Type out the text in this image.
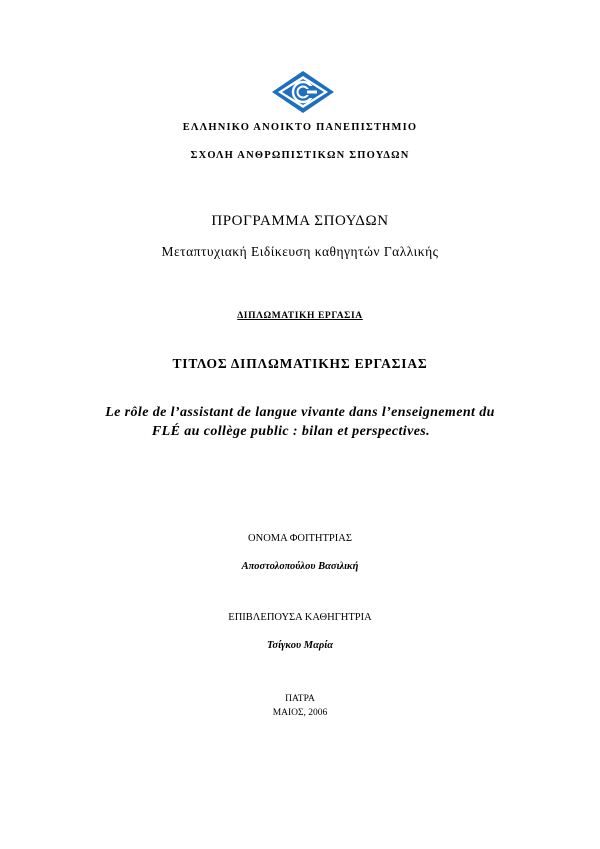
ΕΛΛΗΝΙΚΟ ΑΝΟΙΚΤΟ ΠΑΝΕΠΙΣΤΗΜΙΟ
ΣΧΟΛΗ ΑΝΘΡΩΠΙΣΤΙΚΩΝ ΣΠΟΥΔΩΝ
ΠΡΟΓΡΑΜΜΑ ΣΠΟΥΔΩΝ
Μεταπτυχιακή Ειδίκευση καθηγητών Γαλλικής
ΔΙΠΛΩΜΑΤΙΚΗ ΕΡΓΑΣΙΑ
ΤΙΤΛΟΣ ΔΙΠΛΩΜΑΤΙΚΗΣ ΕΡΓΑΣΙΑΣ
Le rôle de l’assistant de langue vivante dans l’enseignement du
FLÉ au collège public : bilan et perspectives.
ΟΝΟΜΑ ΦΟΙΤΗΤΡΙΑΣ
Αποστολοπούλου Βασιλική
ΕΠΙΒΛΕΠΟΥΣΑ ΚΑΘΗΓΗΤΡΙΑ
Τσίγκου Μαρία
ΠΑΤΡΑ
ΜΑΙΟΣ, 2006
